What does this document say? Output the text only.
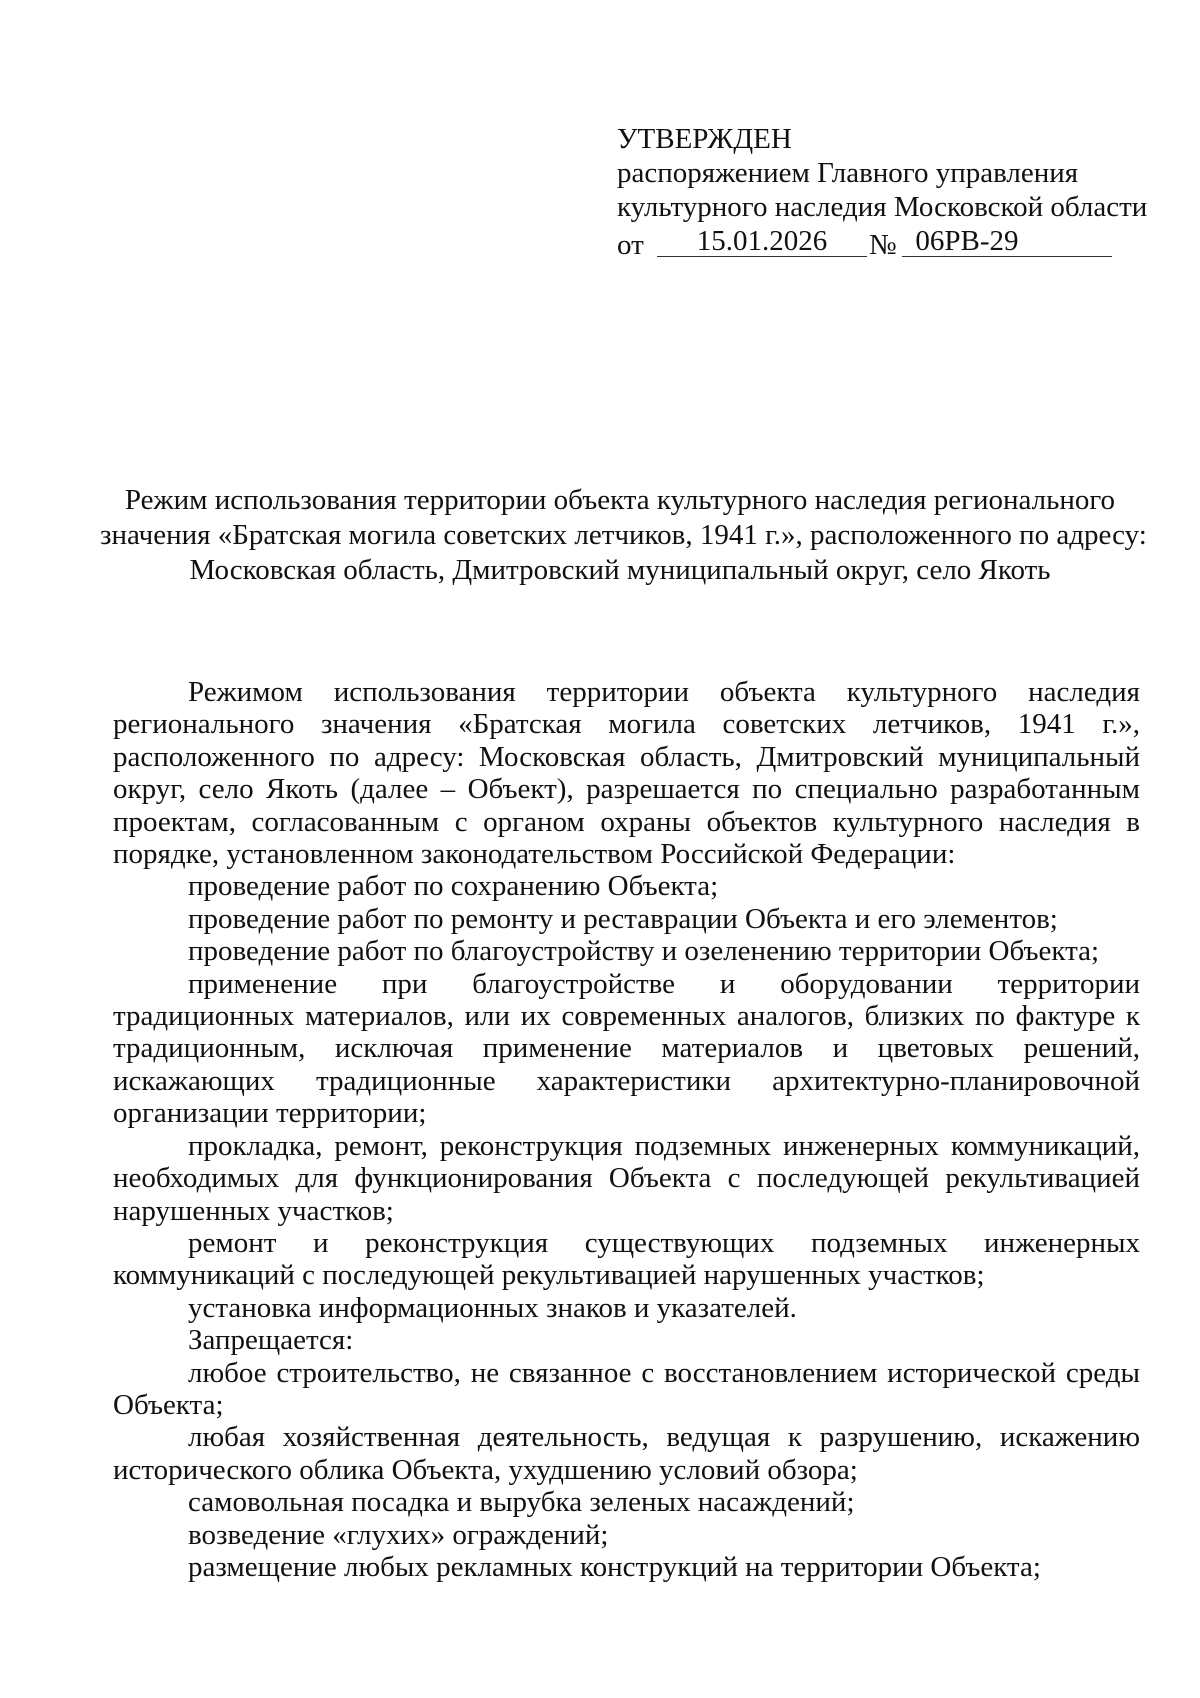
УТВЕРЖДЕН
распоряжением Главного управления
культурного наследия Московской области
от	15.01.2026	№ 06РВ-29
Режим использования территории объекта культурного наследия регионального
значения «Братская могила советских летчиков, 1941 г.», расположенного по адресу:
Московская область, Дмитровский муниципальный округ, село Якоть

Режимом использования территории объекта культурного наследия регионального значения «Братская могила советских летчиков, 1941 г.», расположенного по адресу: Московская область, Дмитровский муниципальный округ, село Якоть (далее – Объект), разрешается по специально разработанным проектам, согласованным с органом охраны объектов культурного наследия в порядке, установленном законодательством Российской Федерации:

проведение работ по сохранению Объекта;

проведение работ по ремонту и реставрации Объекта и его элементов;

проведение работ по благоустройству и озеленению территории Объекта;

применение при благоустройстве и оборудовании территории традиционных материалов, или их современных аналогов, близких по фактуре к традиционным, исключая применение материалов и цветовых решений, искажающих традиционные характеристики архитектурно-планировочной организации территории;

прокладка, ремонт, реконструкция подземных инженерных коммуникаций, необходимых для функционирования Объекта с последующей рекультивацией нарушенных участков;

ремонт и реконструкция существующих подземных инженерных коммуникаций с последующей рекультивацией нарушенных участков;

установка информационных знаков и указателей.

Запрещается:

любое строительство, не связанное с восстановлением исторической среды Объекта;

любая хозяйственная деятельность, ведущая к разрушению, искажению исторического облика Объекта, ухудшению условий обзора;

самовольная посадка и вырубка зеленых насаждений;

возведение «глухих» ограждений;

размещение любых рекламных конструкций на территории Объекта;
